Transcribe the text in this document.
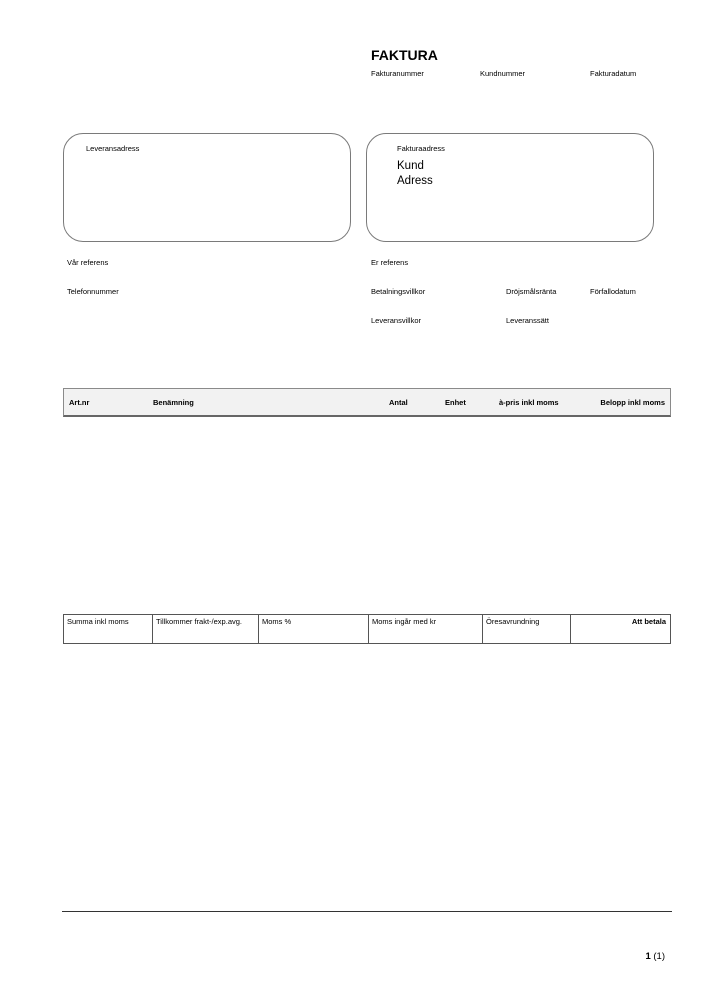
FAKTURA
Fakturanummer	Kundnummer	Fakturadatum
Leveransadress	Fakturaadress
Kund
Adress
Vår referens	Er referens
Telefonnummer	Betalningsvillkor	Dröjsmålsränta	Förfallodatum
Leveransvillkor	Leveranssätt
Art.nr	Benämning	Antal	Enhet	à-pris inkl moms	Belopp inkl moms
Summa inkl moms	Tillkommer frakt-/exp.avg.	Moms %	Moms ingår med kr	Öresavrundning	Att betala
1 (1)
